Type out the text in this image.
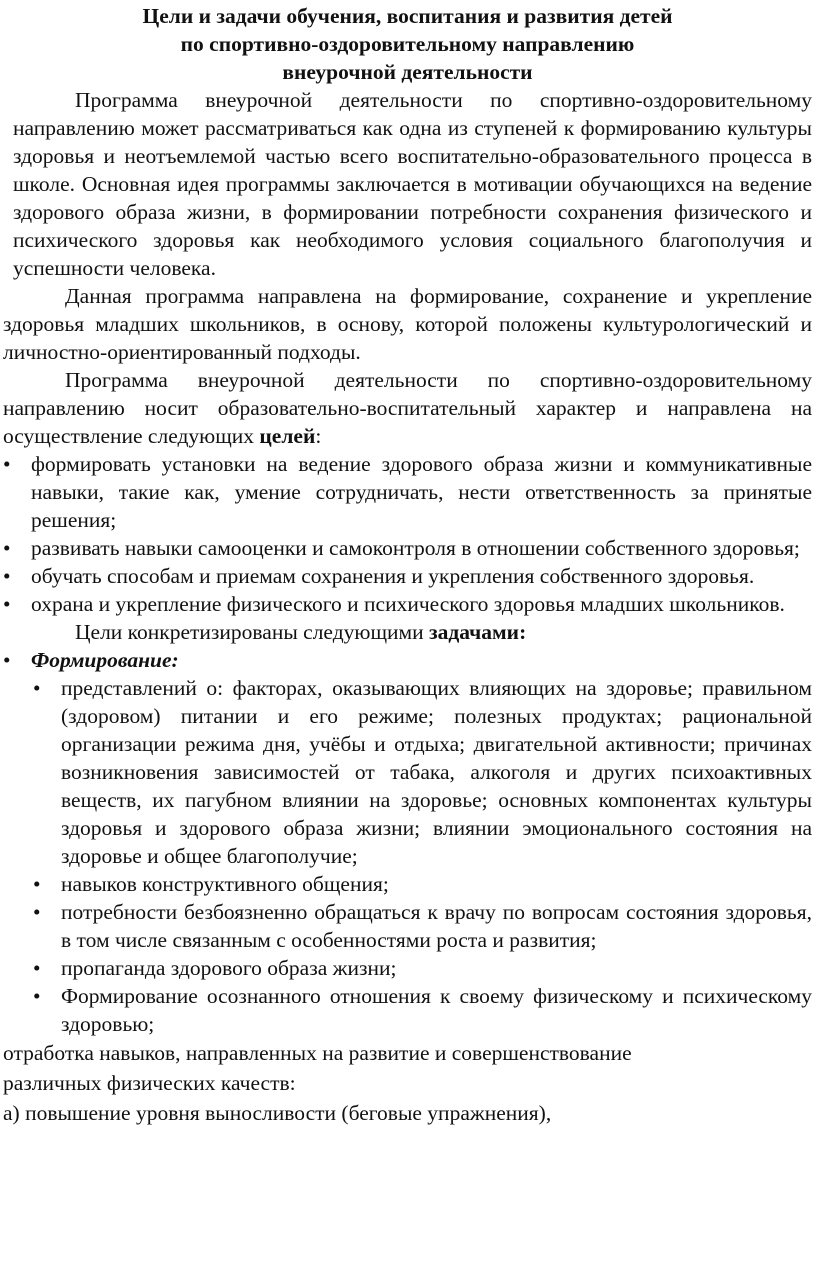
Цели и задачи обучения, воспитания и развития детей
по спортивно-оздоровительному направлению
внеурочной деятельности

Программа внеурочной деятельности по спортивно-оздоровительному направлению может рассматриваться как одна из ступеней к формированию культуры здоровья и неотъемлемой частью всего воспитательно-образовательного процесса в школе. Основная идея программы заключается в мотивации обучающихся на ведение здорового образа жизни, в формировании потребности сохранения физического и психического здоровья как необходимого условия социального благополучия и успешности человека.

Данная программа направлена на формирование, сохранение и укрепление здоровья младших школьников, в основу, которой положены культурологический и личностно-ориентированный подходы.

Программа внеурочной деятельности по спортивно-оздоровительному направлению носит образовательно-воспитательный характер и направлена на осуществление следующих целей:

• формировать установки на ведение здорового образа жизни и коммуникативные навыки, такие как, умение сотрудничать, нести ответственность за принятые решения;
• развивать навыки самооценки и самоконтроля в отношении собственного здоровья;
• обучать способам и приемам сохранения и укрепления собственного здоровья.
• охрана и укрепление физического и психического здоровья младших школьников.

Цели конкретизированы следующими задачами:

• Формирование:
• представлений о: факторах, оказывающих влияющих на здоровье; правильном (здоровом) питании и его режиме; полезных продуктах; рациональной организации режима дня, учёбы и отдыха; двигательной активности; причинах возникновения зависимостей от табака, алкоголя и других психоактивных веществ, их пагубном влиянии на здоровье; основных компонентах культуры здоровья и здорового образа жизни; влиянии эмоционального состояния на здоровье и общее благополучие;
• навыков конструктивного общения;
• потребности безбоязненно обращаться к врачу по вопросам состояния здоровья, в том числе связанным с особенностями роста и развития;
• пропаганда здорового образа жизни;
• Формирование осознанного отношения к своему физическому и психическому здоровью;
отработка навыков, направленных на развитие и совершенствование
различных физических качеств:
а) повышение уровня выносливости (беговые упражнения),
